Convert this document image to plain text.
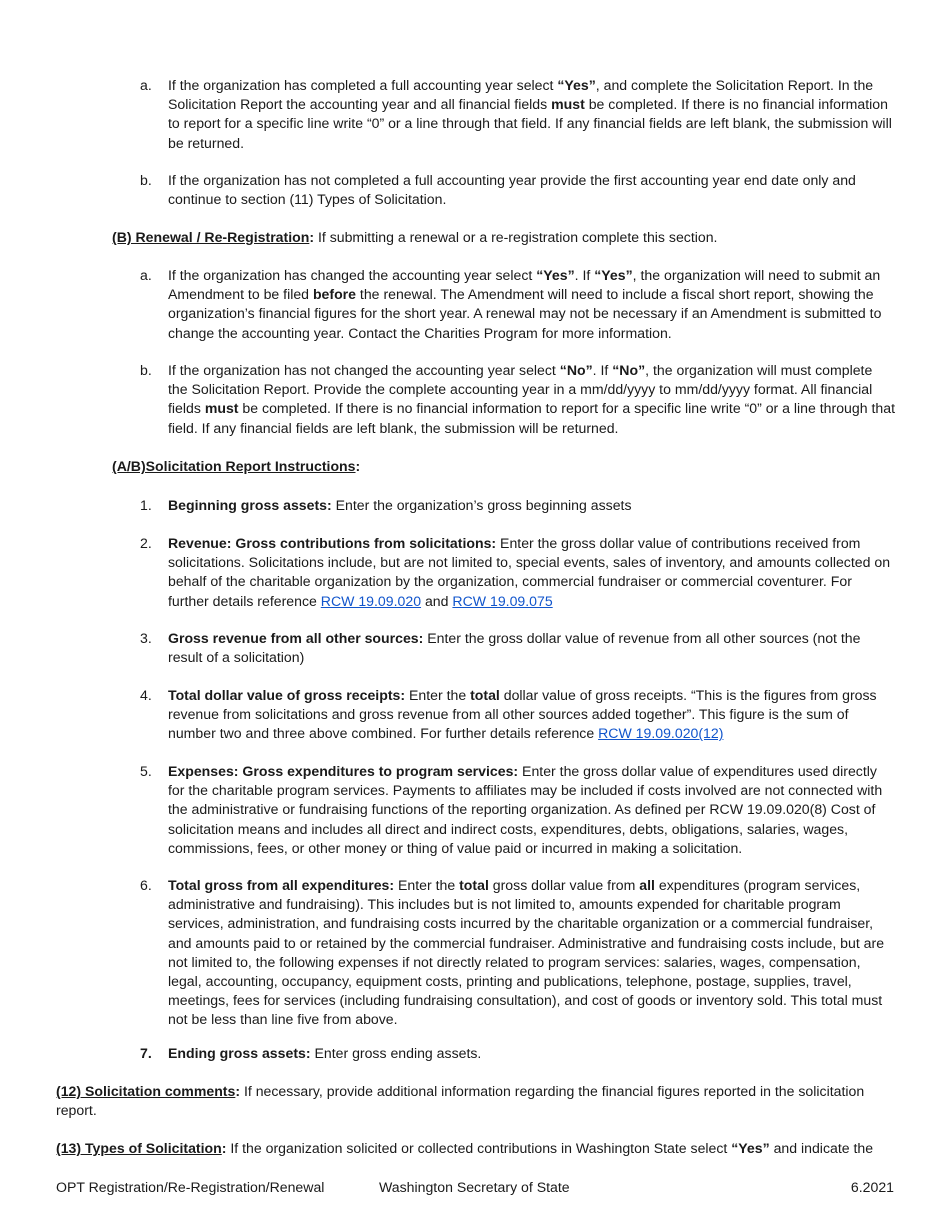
a. If the organization has completed a full accounting year select “Yes”, and complete the Solicitation Report. In the Solicitation Report the accounting year and all financial fields must be completed. If there is no financial information to report for a specific line write “0” or a line through that field. If any financial fields are left blank, the submission will be returned.
b. If the organization has not completed a full accounting year provide the first accounting year end date only and continue to section (11) Types of Solicitation.
(B) Renewal / Re-Registration: If submitting a renewal or a re-registration complete this section.
a. If the organization has changed the accounting year select “Yes”. If “Yes”, the organization will need to submit an Amendment to be filed before the renewal. The Amendment will need to include a fiscal short report, showing the organization’s financial figures for the short year. A renewal may not be necessary if an Amendment is submitted to change the accounting year. Contact the Charities Program for more information.
b. If the organization has not changed the accounting year select “No”. If “No”, the organization will must complete the Solicitation Report. Provide the complete accounting year in a mm/dd/yyyy to mm/dd/yyyy format. All financial fields must be completed. If there is no financial information to report for a specific line write “0” or a line through that field. If any financial fields are left blank, the submission will be returned.
(A/B)Solicitation Report Instructions:
1. Beginning gross assets: Enter the organization’s gross beginning assets
2. Revenue: Gross contributions from solicitations: Enter the gross dollar value of contributions received from solicitations. Solicitations include, but are not limited to, special events, sales of inventory, and amounts collected on behalf of the charitable organization by the organization, commercial fundraiser or commercial coventurer. For further details reference RCW 19.09.020 and RCW 19.09.075
3. Gross revenue from all other sources: Enter the gross dollar value of revenue from all other sources (not the result of a solicitation)
4. Total dollar value of gross receipts: Enter the total dollar value of gross receipts. “This is the figures from gross revenue from solicitations and gross revenue from all other sources added together”. This figure is the sum of number two and three above combined. For further details reference RCW 19.09.020(12)
5. Expenses: Gross expenditures to program services: Enter the gross dollar value of expenditures used directly for the charitable program services. Payments to affiliates may be included if costs involved are not connected with the administrative or fundraising functions of the reporting organization. As defined per RCW 19.09.020(8) Cost of solicitation means and includes all direct and indirect costs, expenditures, debts, obligations, salaries, wages, commissions, fees, or other money or thing of value paid or incurred in making a solicitation.
6. Total gross from all expenditures: Enter the total gross dollar value from all expenditures (program services, administrative and fundraising). This includes but is not limited to, amounts expended for charitable program services, administration, and fundraising costs incurred by the charitable organization or a commercial fundraiser, and amounts paid to or retained by the commercial fundraiser. Administrative and fundraising costs include, but are not limited to, the following expenses if not directly related to program services: salaries, wages, compensation, legal, accounting, occupancy, equipment costs, printing and publications, telephone, postage, supplies, travel, meetings, fees for services (including fundraising consultation), and cost of goods or inventory sold. This total must not be less than line five from above.
7. Ending gross assets: Enter gross ending assets.
(12) Solicitation comments: If necessary, provide additional information regarding the financial figures reported in the solicitation report.
(13) Types of Solicitation: If the organization solicited or collected contributions in Washington State select “Yes” and indicate the
OPT Registration/Re-Registration/Renewal	Washington Secretary of State	6.2021
